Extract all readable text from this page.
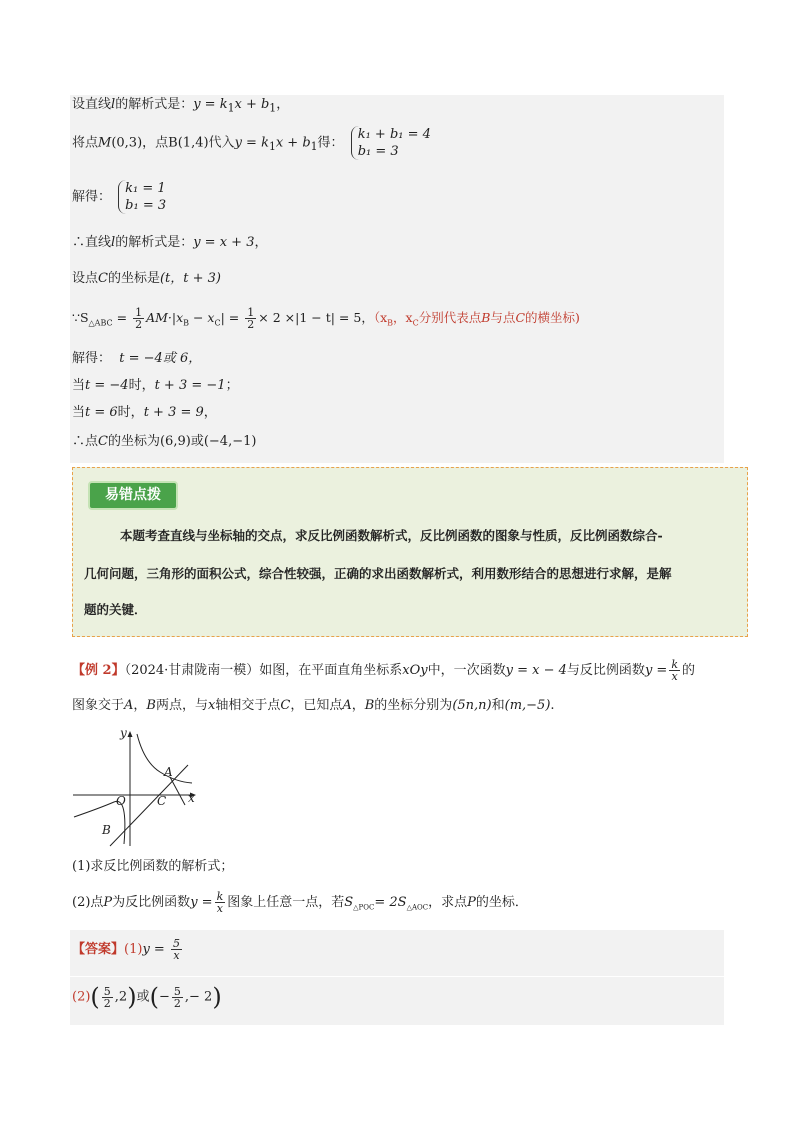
设直线l的解析式是：$y = k_1x + b_1$，
将点M(0,3)，点B(1,4)代入$y = k_1x + b_1$得： k₁ + b₁ = 4
b₁ = 3
解得： k₁ = 1
b₁ = 3
∴直线l的解析式是：y = x + 3，
设点C的坐标是(t，t + 3)
$\because S_{\triangle ABC} = \frac{1}{2} AM\cdot|x_B - x_C| = \frac{1}{2} \times 2 \times|1 - t| = 5$，（$x_B$，$x_C$分别代表点B与点C的横坐标)
解得： t = −4或 6，
当t = −4时，t + 3 = −1；
当t = 6时，t + 3 = 9，
∴点C的坐标为(6,9)或(−4,−1)
易错点拨
本题考查直线与坐标轴的交点，求反比例函数解析式，反比例函数的图象与性质，反比例函数综合-
几何问题，三角形的面积公式，综合性较强，正确的求出函数解析式，利用数形结合的思想进行求解，是解
题的关键．
【例 2】（2024·甘肃陇南一模）如图，在平面直角坐标系xOy中，一次函数y = x − 4与反比例函数$y = \frac{k}{x}$ 的
图象交于A，B两点，与x轴相交于点C，已知点A，B的坐标分别为(5n,n)和(m,−5).
y
x
O
A
C
B
(1)求反比例函数的解析式；
(2)点P为反比例函数$y = \frac{k}{x}$ 图象上任意一点，若$S_{\triangle POC}= 2S_{\triangle AOC}$，求点P的坐标．
【答案】$(1)y = \frac{5}{x}$
$(2)( \frac{5}{2} ,2)$或(− $\frac{5}{2}$ ,− 2)
